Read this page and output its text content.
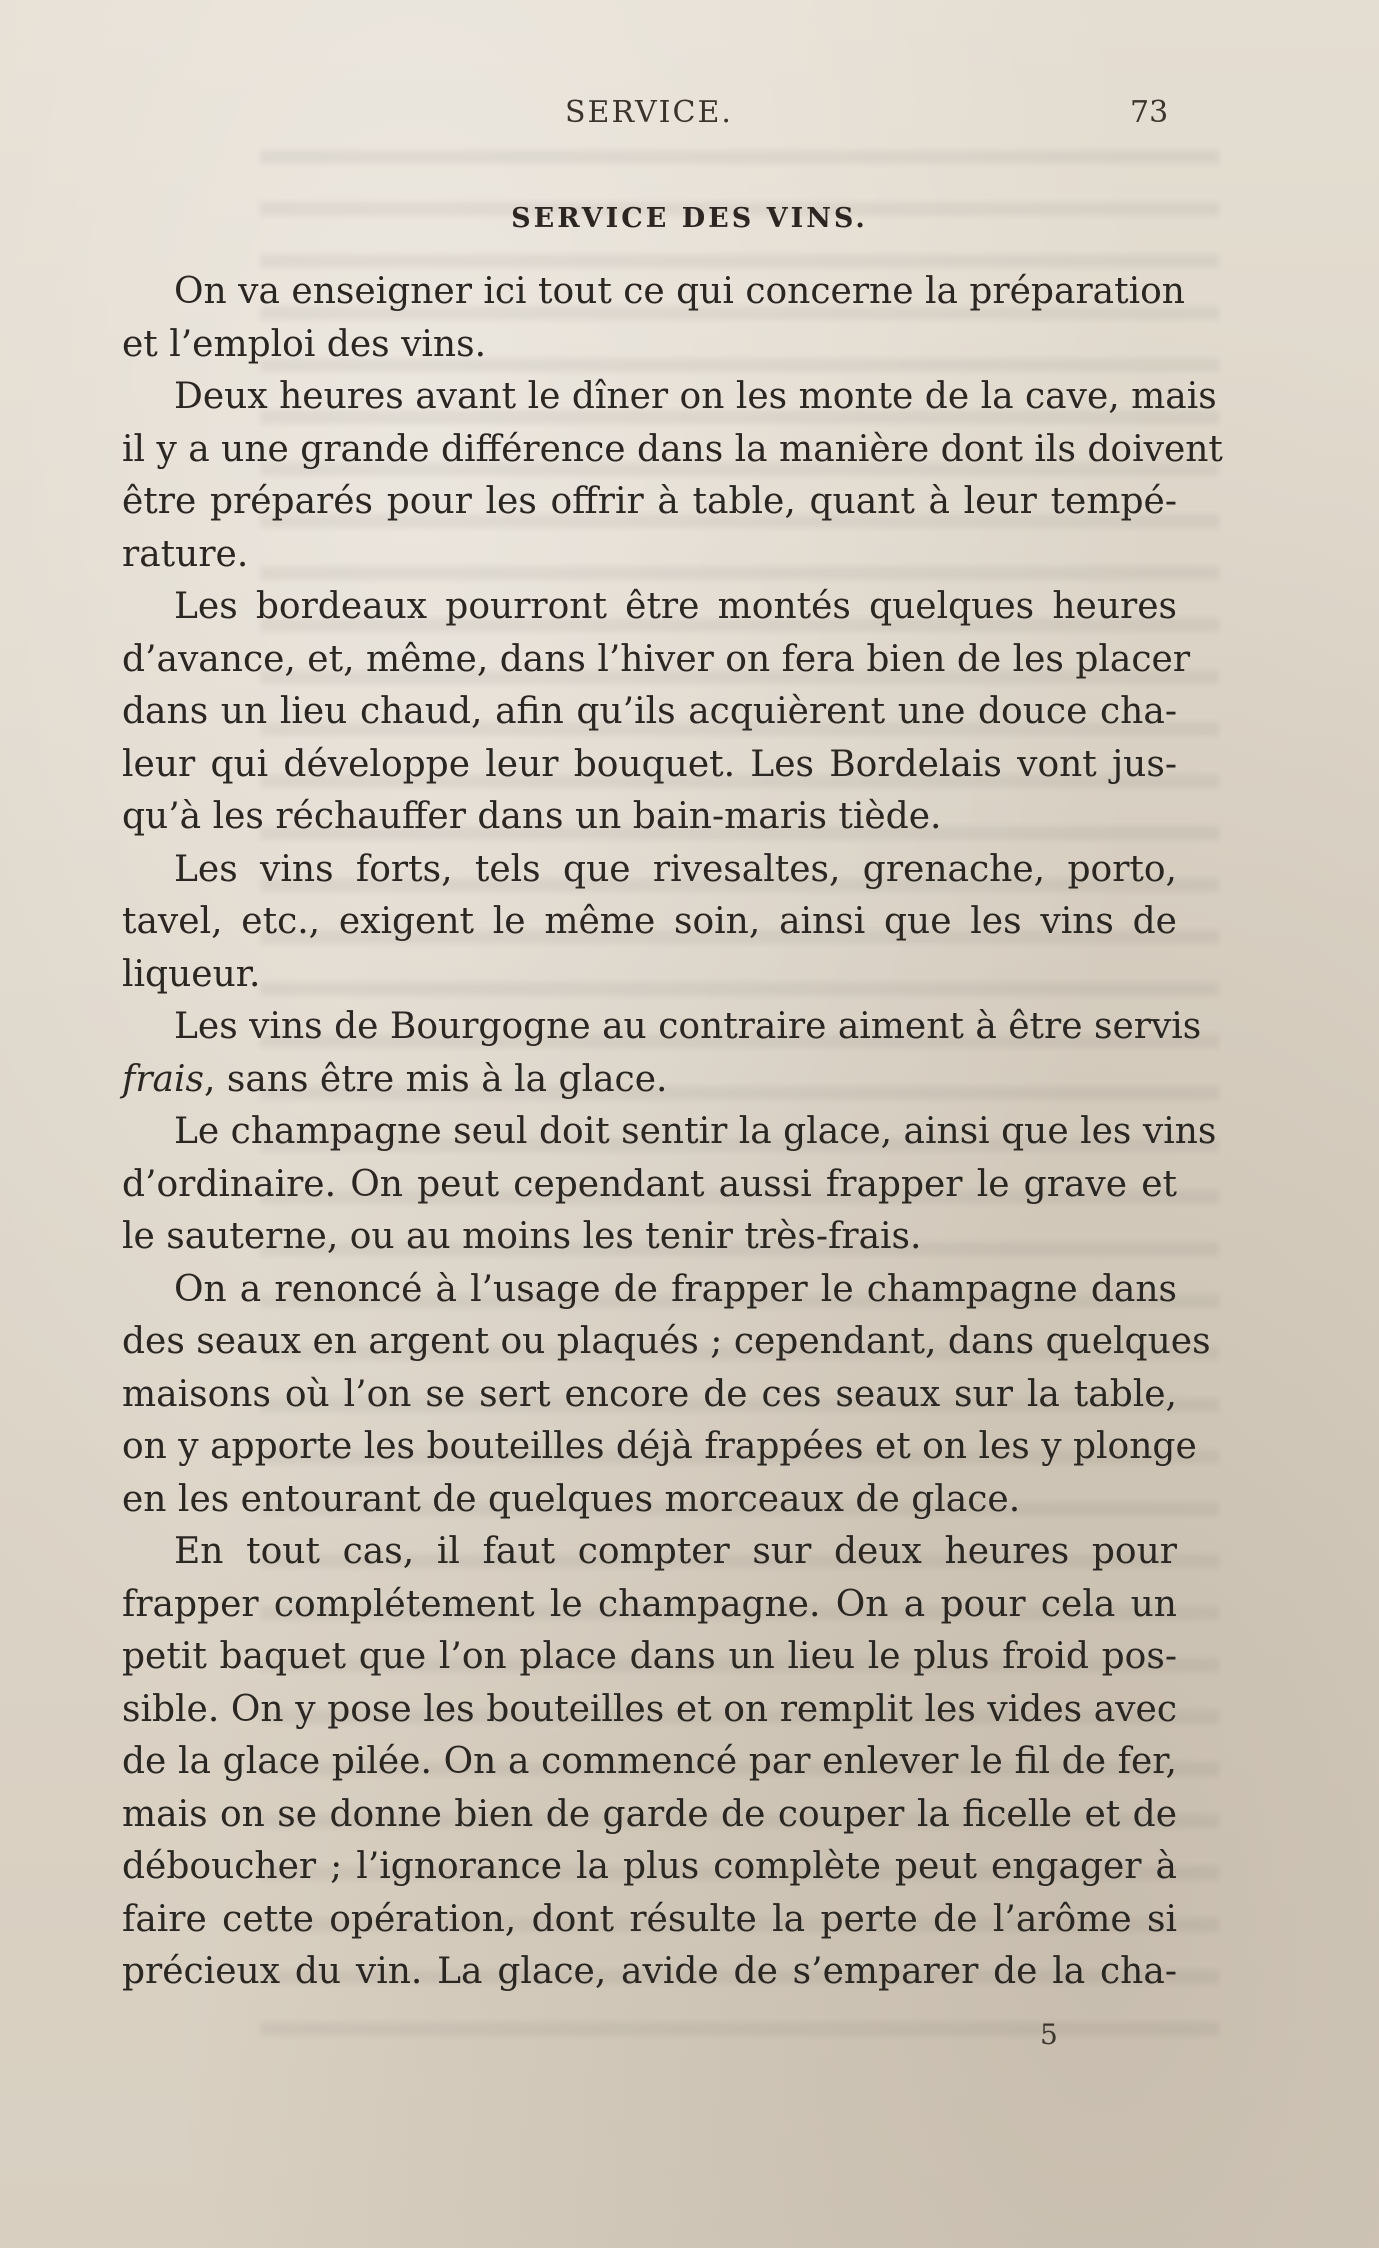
SERVICE.	73
SERVICE DES VINS.
On va enseigner ici tout ce qui concerne la préparation
et l’emploi des vins.
Deux heures avant le dîner on les monte de la cave, mais
il y a une grande différence dans la manière dont ils doivent
être préparés pour les offrir à table, quant à leur tempé-
rature.
Les bordeaux pourront être montés quelques heures
d’avance, et, même, dans l’hiver on fera bien de les placer
dans un lieu chaud, afin qu’ils acquièrent une douce cha-
leur qui développe leur bouquet. Les Bordelais vont jus-
qu’à les réchauffer dans un bain-maris tiède.
Les vins forts, tels que rivesaltes, grenache, porto,
tavel, etc., exigent le même soin, ainsi que les vins de
liqueur.
Les vins de Bourgogne au contraire aiment à être servis
frais, sans être mis à la glace.
Le champagne seul doit sentir la glace, ainsi que les vins
d’ordinaire. On peut cependant aussi frapper le grave et
le sauterne, ou au moins les tenir très-frais.
On a renoncé à l’usage de frapper le champagne dans
des seaux en argent ou plaqués ; cependant, dans quelques
maisons où l’on se sert encore de ces seaux sur la table,
on y apporte les bouteilles déjà frappées et on les y plonge
en les entourant de quelques morceaux de glace.
En tout cas, il faut compter sur deux heures pour
frapper complétement le champagne. On a pour cela un
petit baquet que l’on place dans un lieu le plus froid pos-
sible. On y pose les bouteilles et on remplit les vides avec
de la glace pilée. On a commencé par enlever le fil de fer,
mais on se donne bien de garde de couper la ficelle et de
déboucher ; l’ignorance la plus complète peut engager à
faire cette opération, dont résulte la perte de l’arôme si
précieux du vin. La glace, avide de s’emparer de la cha-
5
